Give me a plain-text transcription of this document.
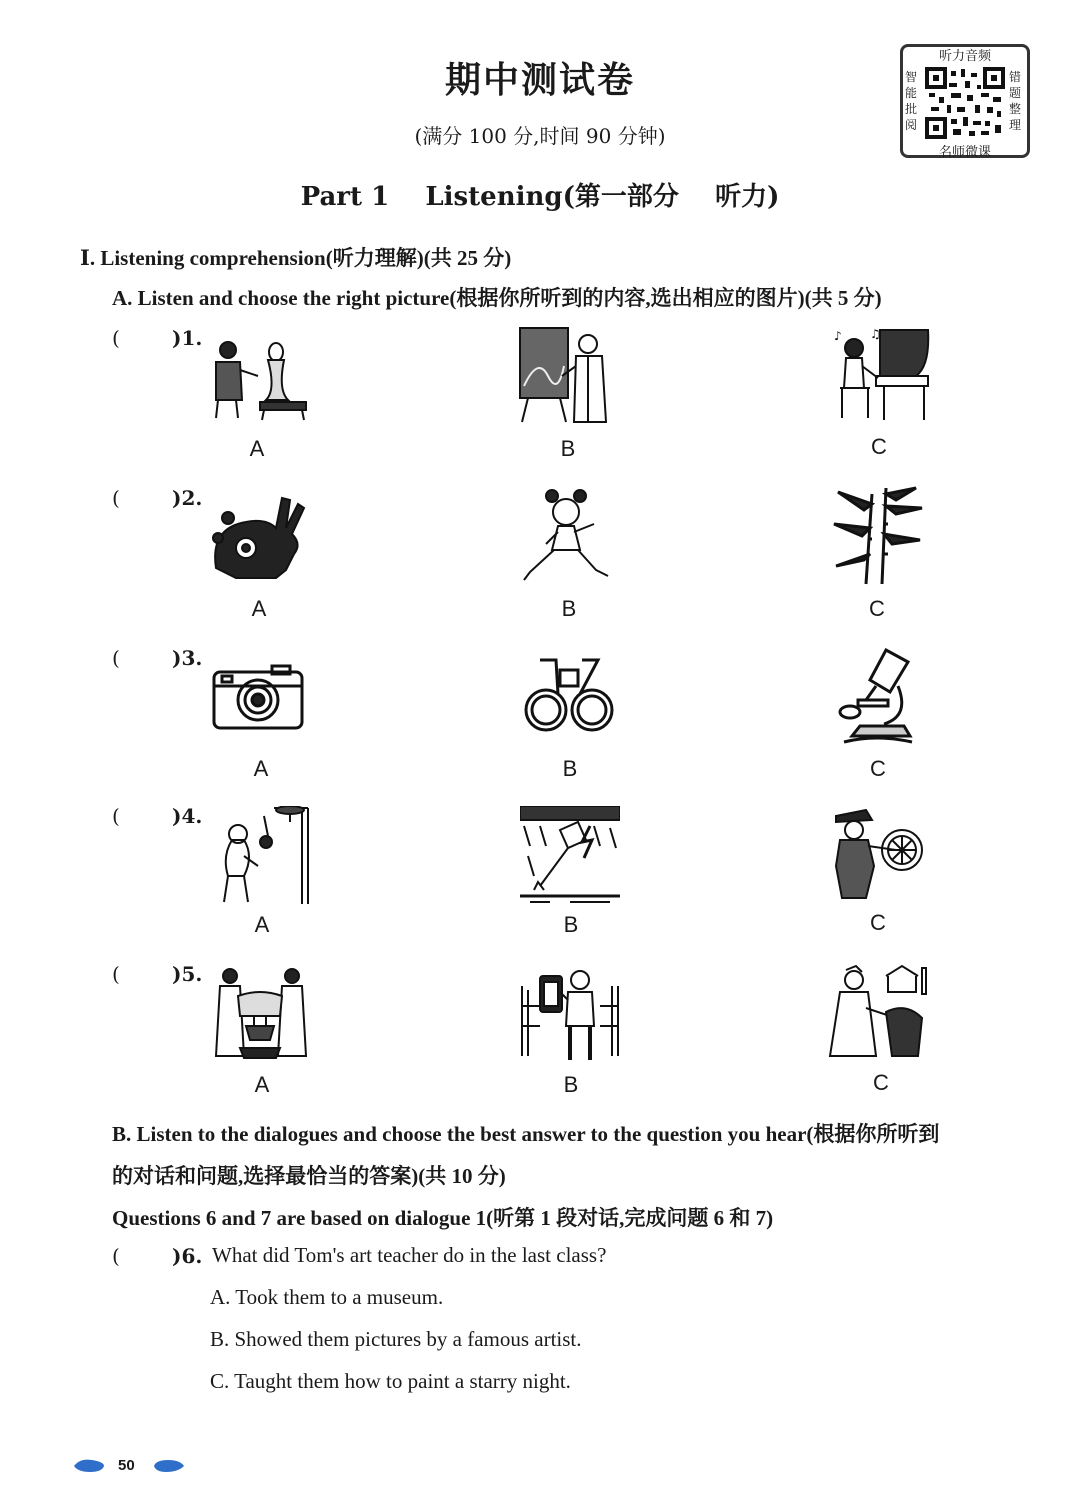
期中测试卷
(满分 100 分,时间 90 分钟)
Part 1    Listening(第一部分    听力)
听力音频
智能批阅
错题整理
名师微课
Ⅰ. Listening comprehension(听力理解)(共 25 分)
A. Listen and choose the right picture(根据你所听到的内容,选出相应的图片)(共 5 分)
(	)1.
(	)2.
(	)3.
(	)4.
(	)5.
♪ ♫
A	B	C
A	B	C
A	B	C
A	B	C
A	B	C
B. Listen to the dialogues and choose the best answer to the question you hear(根据你所听到
的对话和问题,选择最恰当的答案)(共 10 分)
Questions 6 and 7 are based on dialogue 1(听第 1 段对话,完成问题 6 和 7)
(	)6. What did Tom's art teacher do in the last class?
A. Took them to a museum.
B. Showed them pictures by a famous artist.
C. Taught them how to paint a starry night.
50
